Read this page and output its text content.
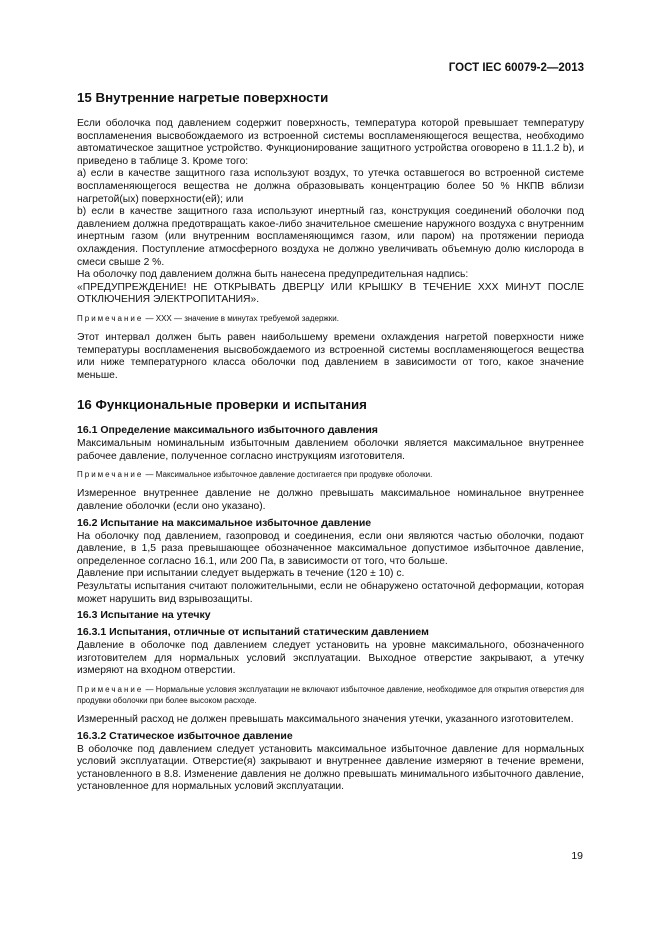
ГОСТ IEC 60079-2—2013
15 Внутренние нагретые поверхности

Если оболочка под давлением содержит поверхность, температура которой превышает температуру воспламенения высвобождаемого из встроенной системы воспламеняющегося вещества, необходимо автоматическое защитное устройство. Функционирование защитного устройства оговорено в 11.1.2 b), и приведено в таблице 3. Кроме того:

а) если в качестве защитного газа используют воздух, то утечка оставшегося во встроенной системе воспламеняющегося вещества не должна образовывать концентрацию более 50 % НКПВ вблизи нагретой(ых) поверхности(ей); или

b) если в качестве защитного газа используют инертный газ, конструкция соединений оболочки под давлением должна предотвращать какое-либо значительное смешение наружного воздуха с внутренним инертным газом (или внутренним воспламеняющимся газом, или паром) на протяжении периода охлаждения. Поступление атмосферного воздуха не должно увеличивать объемную долю кислорода в смеси свыше 2 %.

На оболочку под давлением должна быть нанесена предупредительная надпись:

«ПРЕДУПРЕЖДЕНИЕ! НЕ ОТКРЫВАТЬ ДВЕРЦУ ИЛИ КРЫШКУ В ТЕЧЕНИЕ ХХХ МИНУТ ПОСЛЕ ОТКЛЮЧЕНИЯ ЭЛЕКТРОПИТАНИЯ».

Примечание — ХХХ — значение в минутах требуемой задержки.

Этот интервал должен быть равен наибольшему времени охлаждения нагретой поверхности ниже температуры воспламенения высвобождаемого из встроенной системы воспламеняющегося вещества или ниже температурного класса оболочки под давлением в зависимости от того, какое значение меньше.

16 Функциональные проверки и испытания
16.1 Определение максимального избыточного давления

Максимальным номинальным избыточным давлением оболочки является максимальное внутреннее рабочее давление, полученное согласно инструкциям изготовителя.

Примечание — Максимальное избыточное давление достигается при продувке оболочки.

Измеренное внутреннее давление не должно превышать максимальное номинальное внутреннее давление оболочки (если оно указано).

16.2 Испытание на максимальное избыточное давление

На оболочку под давлением, газопровод и соединения, если они являются частью оболочки, подают давление, в 1,5 раза превышающее обозначенное максимальное допустимое избыточное давление, определенное согласно 16.1, или 200 Па, в зависимости от того, что больше.

Давление при испытании следует выдержать в течение (120 ± 10) с.

Результаты испытания считают положительными, если не обнаружено остаточной деформации, которая может нарушить вид взрывозащиты.

16.3 Испытание на утечку
16.3.1 Испытания, отличные от испытаний статическим давлением

Давление в оболочке под давлением следует установить на уровне максимального, обозначенного изготовителем для нормальных условий эксплуатации. Выходное отверстие закрывают, а утечку измеряют на входном отверстии.

Примечание — Нормальные условия эксплуатации не включают избыточное давление, необходимое для открытия отверстия для продувки оболочки при более высоком расходе.

Измеренный расход не должен превышать максимального значения утечки, указанного изготовителем.

16.3.2 Статическое избыточное давление

В оболочке под давлением следует установить максимальное избыточное давление для нормальных условий эксплуатации. Отверстие(я) закрывают и внутреннее давление измеряют в течение времени, установленного в 8.8. Изменение давления не должно превышать минимального избыточного давление, установленное для нормальных условий эксплуатации.

19
